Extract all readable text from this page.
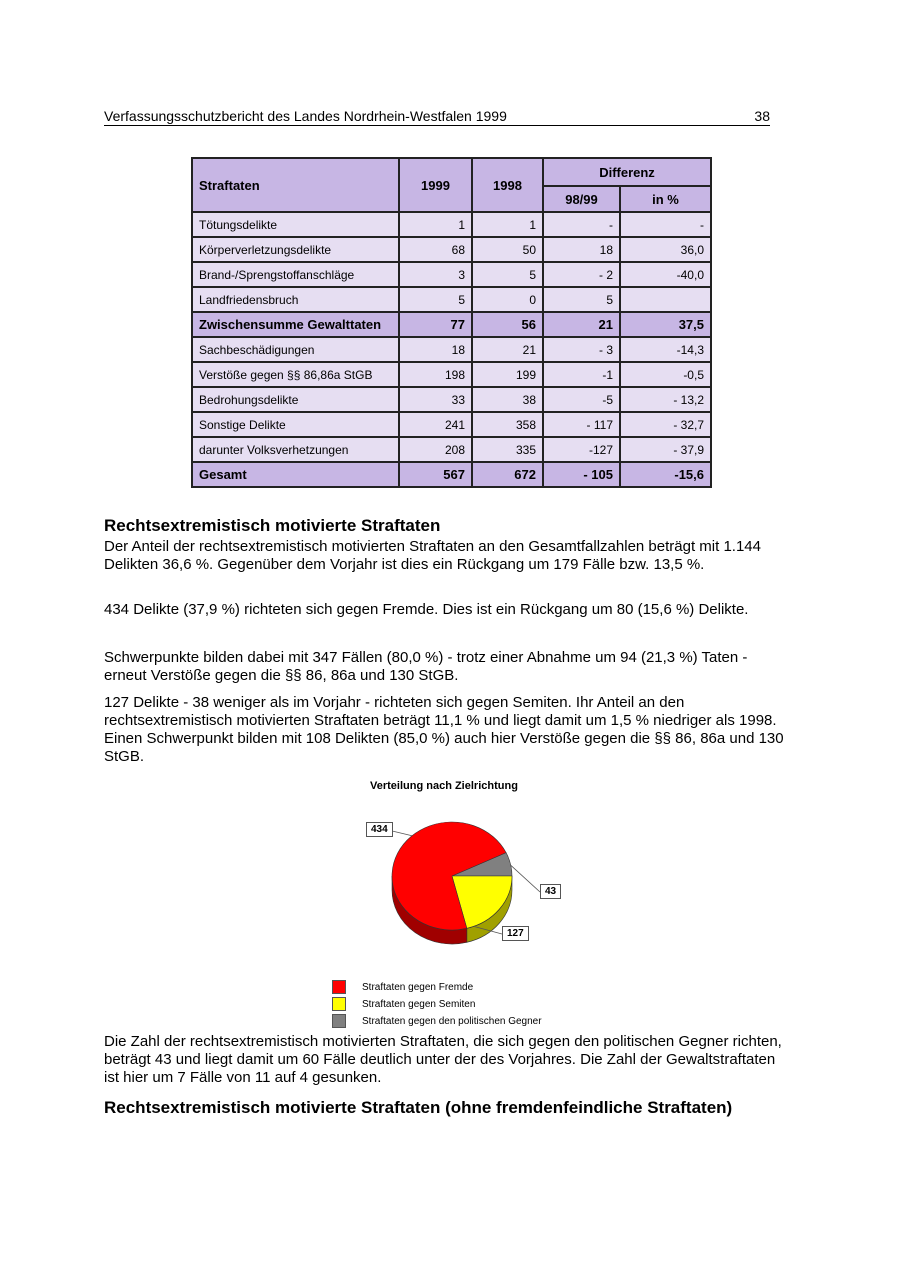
Verfassungsschutzbericht des Landes Nordrhein-Westfalen 1999	38
Straftaten	1999	1998	Differenz	
			98/99	in %
Tötungsdelikte	1	1	-	-
Körperverletzungsdelikte	68	50	18	36,0
Brand-/Sprengstoffanschläge	3	5	- 2	-40,0
Landfriedensbruch	5	0	5	
Zwischensumme Gewalttaten	77	56	21	37,5
Sachbeschädigungen	18	21	- 3	-14,3
Verstöße gegen §§ 86,86a StGB	198	199	-1	-0,5
Bedrohungsdelikte	33	38	-5	- 13,2
Sonstige Delikte	241	358	- 117	- 32,7
darunter Volksverhetzungen	208	335	-127	- 37,9
Gesamt	567	672	- 105	-15,6
Rechtsextremistisch motivierte Straftaten

Der Anteil der rechtsextremistisch motivierten Straftaten an den Gesamtfallzahlen beträgt mit 1.144 Delikten 36,6 %. Gegenüber dem Vorjahr ist dies ein Rückgang um 179 Fälle bzw. 13,5 %.

434 Delikte (37,9 %) richteten sich gegen Fremde. Dies ist ein Rückgang um 80 (15,6 %) Delikte.

Schwerpunkte bilden dabei mit 347 Fällen (80,0 %) - trotz einer Abnahme um 94 (21,3 %) Taten - erneut Verstöße gegen die §§ 86, 86a und 130 StGB.

127 Delikte - 38 weniger als im Vorjahr - richteten sich gegen Semiten. Ihr Anteil an den rechtsextremistisch motivierten Straftaten beträgt 11,1 % und liegt damit um 1,5 % niedriger als 1998. Einen Schwerpunkt bilden mit 108 Delikten (85,0 %) auch hier Verstöße gegen die §§ 86, 86a und 130 StGB.

Verteilung nach Zielrichtung
434
127
43
Straftaten gegen Fremde
Straftaten gegen Semiten
Straftaten gegen den politischen Gegner

Die Zahl der rechtsextremistisch motivierten Straftaten, die sich gegen den politischen Gegner richten, beträgt 43 und liegt damit um 60 Fälle deutlich unter der des Vorjahres. Die Zahl der Gewaltstraftaten ist hier um 7 Fälle von 11 auf 4 gesunken.

Rechtsextremistisch motivierte Straftaten (ohne fremdenfeindliche Straftaten)
